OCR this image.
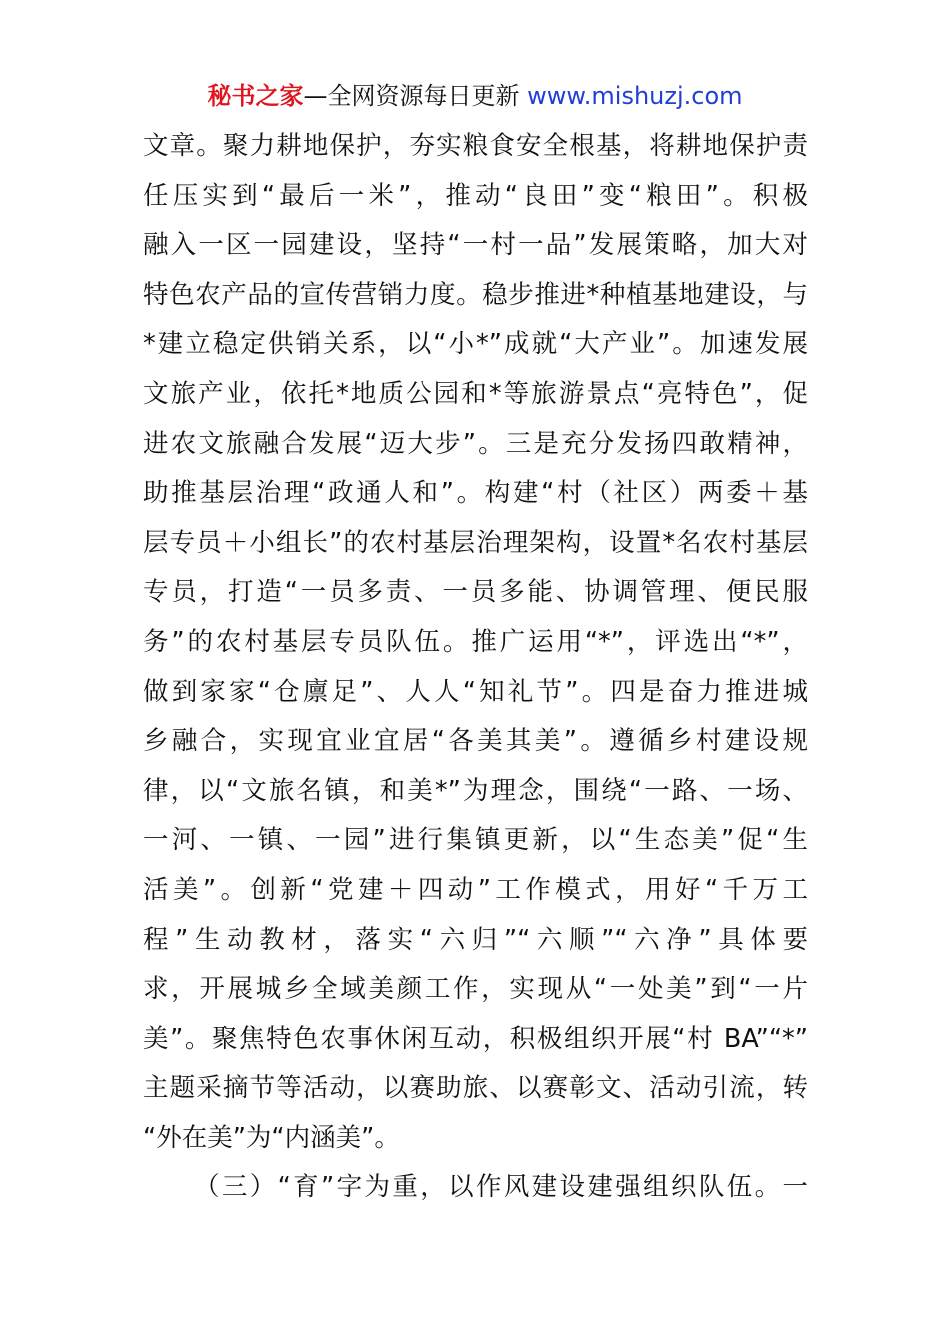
秘书之家—全网资源每日更新 www.mishuzj.com
文章。聚力耕地保护，夯实粮食安全根基，将耕地保护责
任压实到“最后一米”，推动“良田”变“粮田”。积极
融入一区一园建设，坚持“一村一品”发展策略，加大对
特色农产品的宣传营销力度。稳步推进*种植基地建设，与
*建立稳定供销关系，以“小*”成就“大产业”。加速发展
文旅产业，依托*地质公园和*等旅游景点“亮特色”，促
进农文旅融合发展“迈大步”。三是充分发扬四敢精神，
助推基层治理“政通人和”。构建“村（社区）两委＋基
层专员＋小组长”的农村基层治理架构，设置*名农村基层
专员，打造“一员多责、一员多能、协调管理、便民服
务”的农村基层专员队伍。推广运用“*”，评选出“*”，
做到家家“仓廪足”、人人“知礼节”。四是奋力推进城
乡融合，实现宜业宜居“各美其美”。遵循乡村建设规
律，以“文旅名镇，和美*”为理念，围绕“一路、一场、
一河、一镇、一园”进行集镇更新，以“生态美”促“生
活美”。创新“党建＋四动”工作模式，用好“千万工
程”生动教材，落实“六归”“六顺”“六净”具体要
求，开展城乡全域美颜工作，实现从“一处美”到“一片
美”。聚焦特色农事休闲互动，积极组织开展“村 BA”“*”
主题采摘节等活动，以赛助旅、以赛彰文、活动引流，转
“外在美”为“内涵美”。
（三）“育”字为重，以作风建设建强组织队伍。一
